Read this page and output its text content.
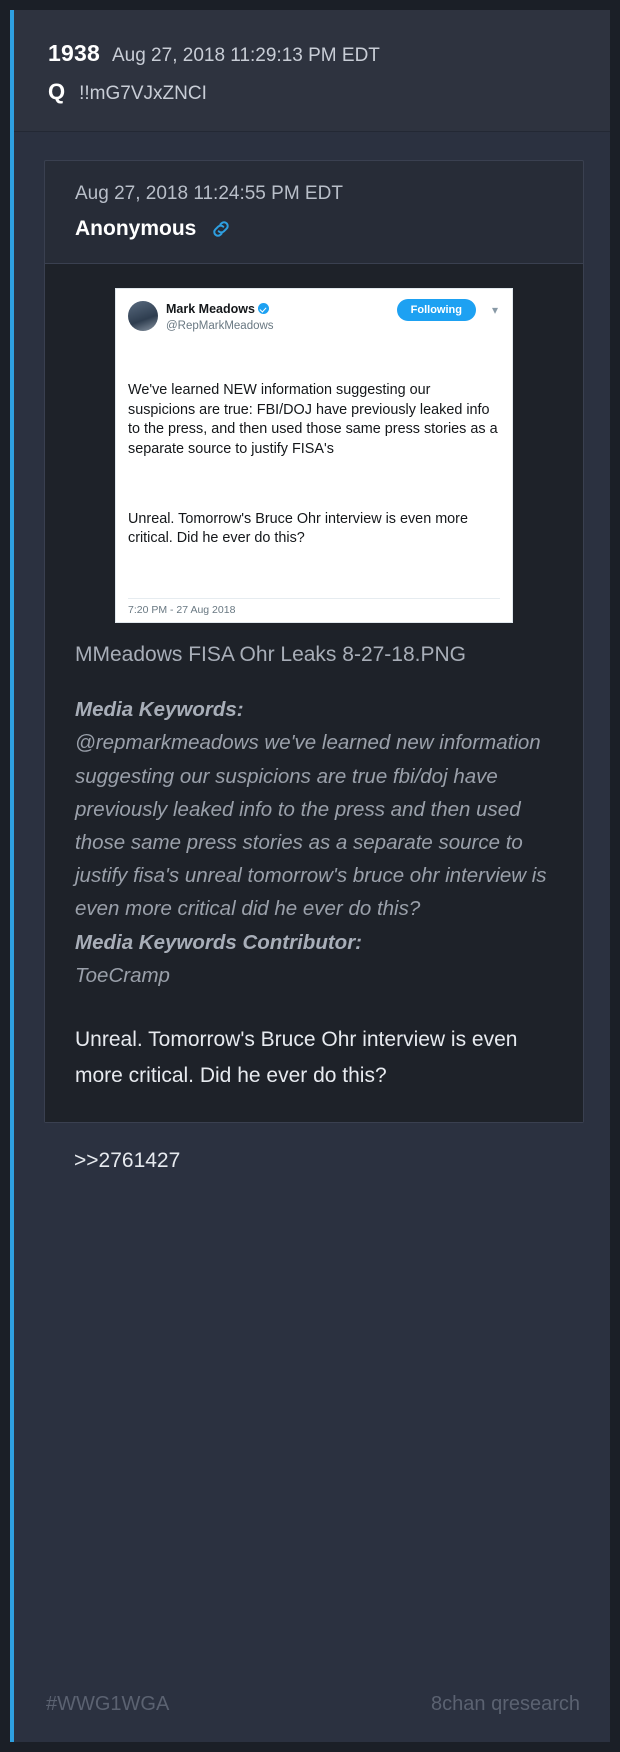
1938 Aug 27, 2018 11:29:13 PM EDT
Q !!mG7VJxZNCI
Aug 27, 2018 11:24:55 PM EDT
Anonymous
Mark Meadows
@RepMarkMeadows
Following	▾

We've learned NEW information suggesting our suspicions are true: FBI/DOJ have previously leaked info to the press, and then used those same press stories as a separate source to justify FISA's

Unreal. Tomorrow's Bruce Ohr interview is even more critical. Did he ever do this?

7:20 PM - 27 Aug 2018
MMeadows FISA Ohr Leaks 8-27-18.PNG
Media Keywords:
@repmarkmeadows we've learned new information suggesting our suspicions are true fbi/doj have previously leaked info to the press and then used those same press stories as a separate source to justify fisa's unreal tomorrow's bruce ohr interview is even more critical did he ever do this?
Media Keywords Contributor:
ToeCramp
Unreal. Tomorrow's Bruce Ohr interview is even more critical. Did he ever do this?
>>2761427
#WWG1WGA	8chan qresearch
